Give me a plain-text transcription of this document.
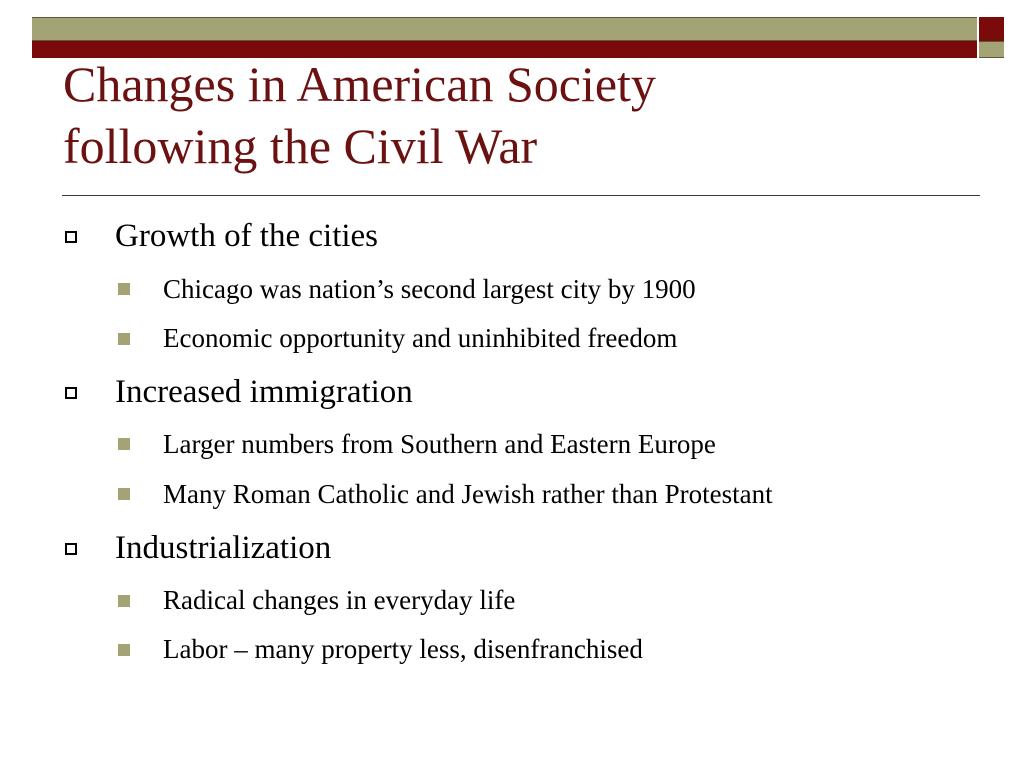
Changes in American Society
following the Civil War
Growth of the cities
Chicago was nation’s second largest city by 1900
Economic opportunity and uninhibited freedom
Increased immigration
Larger numbers from Southern and Eastern Europe
Many Roman Catholic and Jewish rather than Protestant
Industrialization
Radical changes in everyday life
Labor – many property less, disenfranchised
